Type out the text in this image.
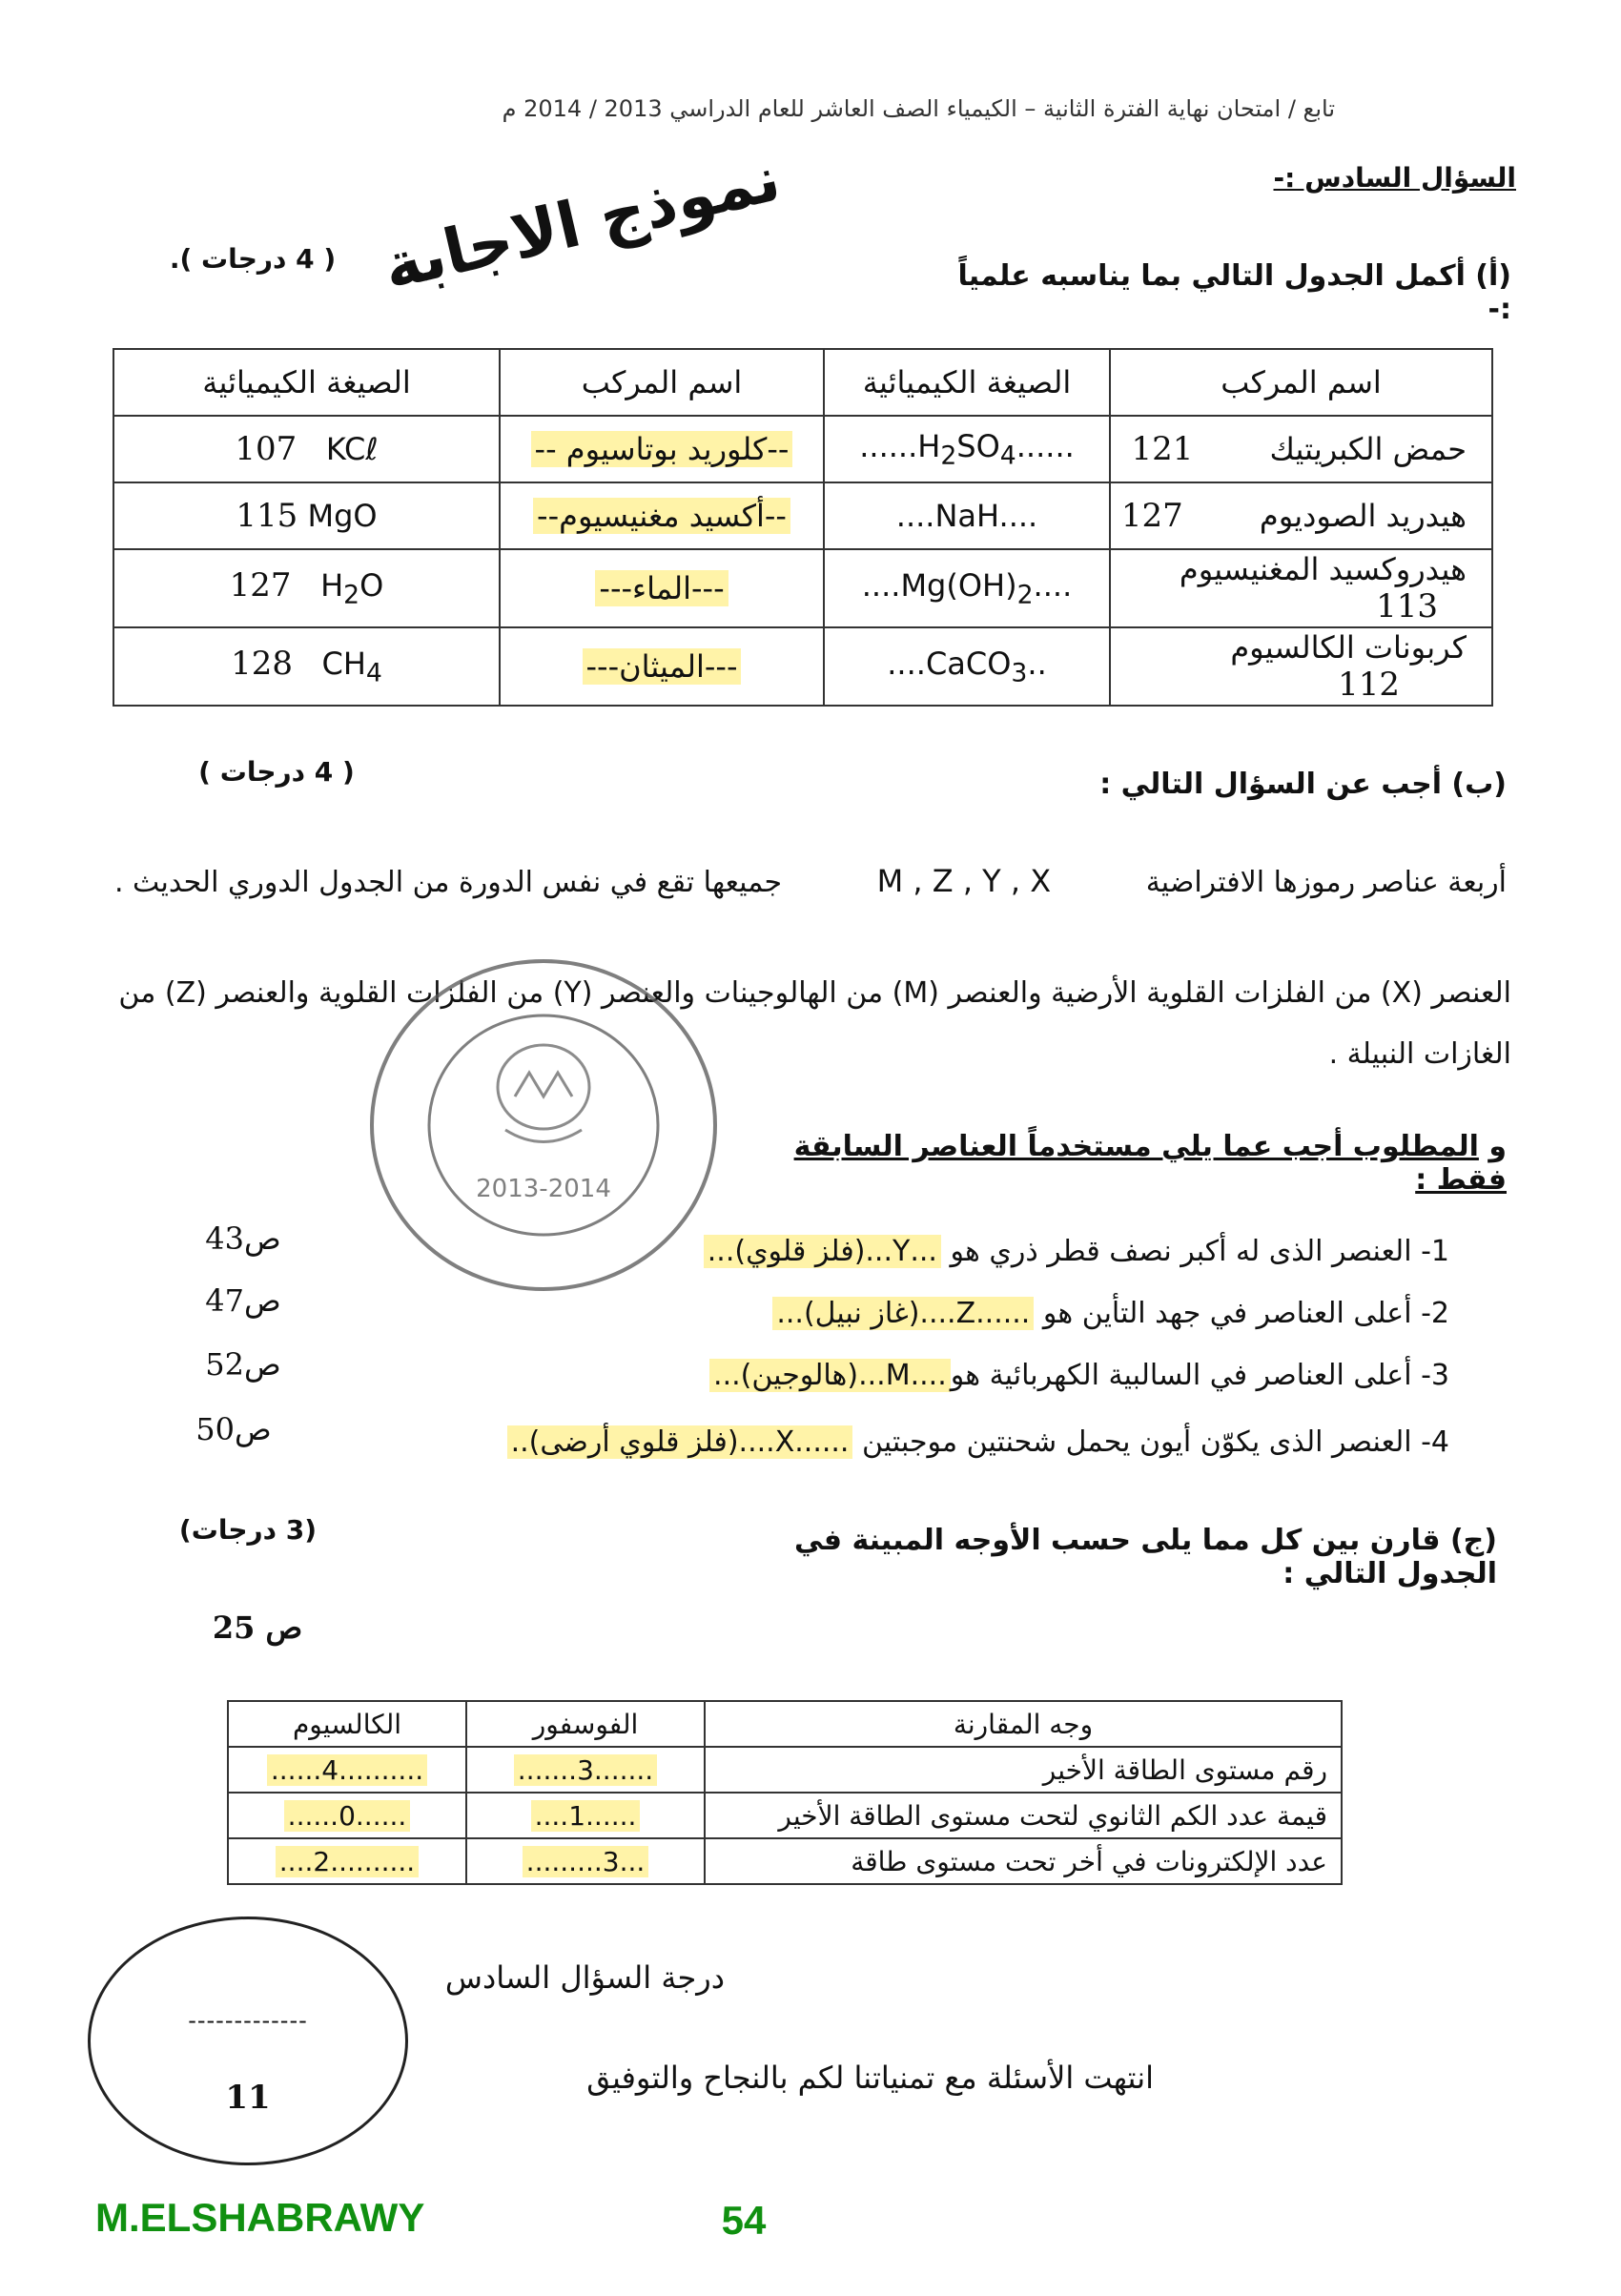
تابع / امتحان نهاية الفترة الثانية – الكيمياء الصف العاشر للعام الدراسي 2013 / 2014 م
السؤال السادس :-
نموذج الاجابة	(أ) أكمل الجدول التالي بما يناسبه علمياً :-
( 4 درجات ).
اسم المركب	الصيغة الكيميائية	اسم المركب	الصيغة الكيميائية
حمض الكبريتيك 121	$......H_2SO_4$......	--كلوريد بوتاسيوم --	107 KCℓ
هيدريد الصوديوم 127	....NaH....	--أكسيد مغنيسيوم--	115 MgO
هيدروكسيد المغنيسيوم 113	$....Mg(OH)_2$....	---الماء---	127   $H_2O$
كربونات الكالسيوم 112	....CaCO$_3$..	---الميثان---	128   $CH_4$
(ب) أجب عن السؤال التالي :
( 4 درجات )
أربعة عناصر رموزها الافتراضية M , Z , Y , X جميعها تقع في نفس الدورة من الجدول الدوري الحديث .
العنصر (X) من الفلزات القلوية الأرضية والعنصر (M) من الهالوجينات والعنصر (Y) من الفلزات القلوية والعنصر (Z) من الغازات النبيلة .
و المطلوب أجب عما يلي مستخدماً العناصر السابقة فقط :
1- العنصر الذى له أكبر نصف قطر ذري هو ...Y...(فلز قلوي)...
2- أعلى العناصر في جهد التأين هو ......Z....(غاز نبيل)...
3- أعلى العناصر في السالبية الكهربائية هو....M...(هالوجين)...
4- العنصر الذى يكوّن أيون يحمل شحنتين موجبتين ......X....(فلز قلوي أرضى)..
ص43
ص47
ص52
ص50
2013-2014
(ج) قارن بين كل مما يلى حسب الأوجه المبينة في الجدول التالي :
(3 درجات)
ص 25
وجه المقارنة	الفوسفور	الكالسيوم
رقم مستوى الطاقة الأخير	.......3.......	..........4......
قيمة عدد الكم الثانوي لتحت مستوى الطاقة الأخير	......1....	......0......
عدد الإلكترونات في أخر تحت مستوى طاقة	...3.........	..........2....
-------------
11
درجة السؤال السادس
انتهت الأسئلة مع تمنياتنا لكم بالنجاح والتوفيق
M.ELSHABRAWY	54
